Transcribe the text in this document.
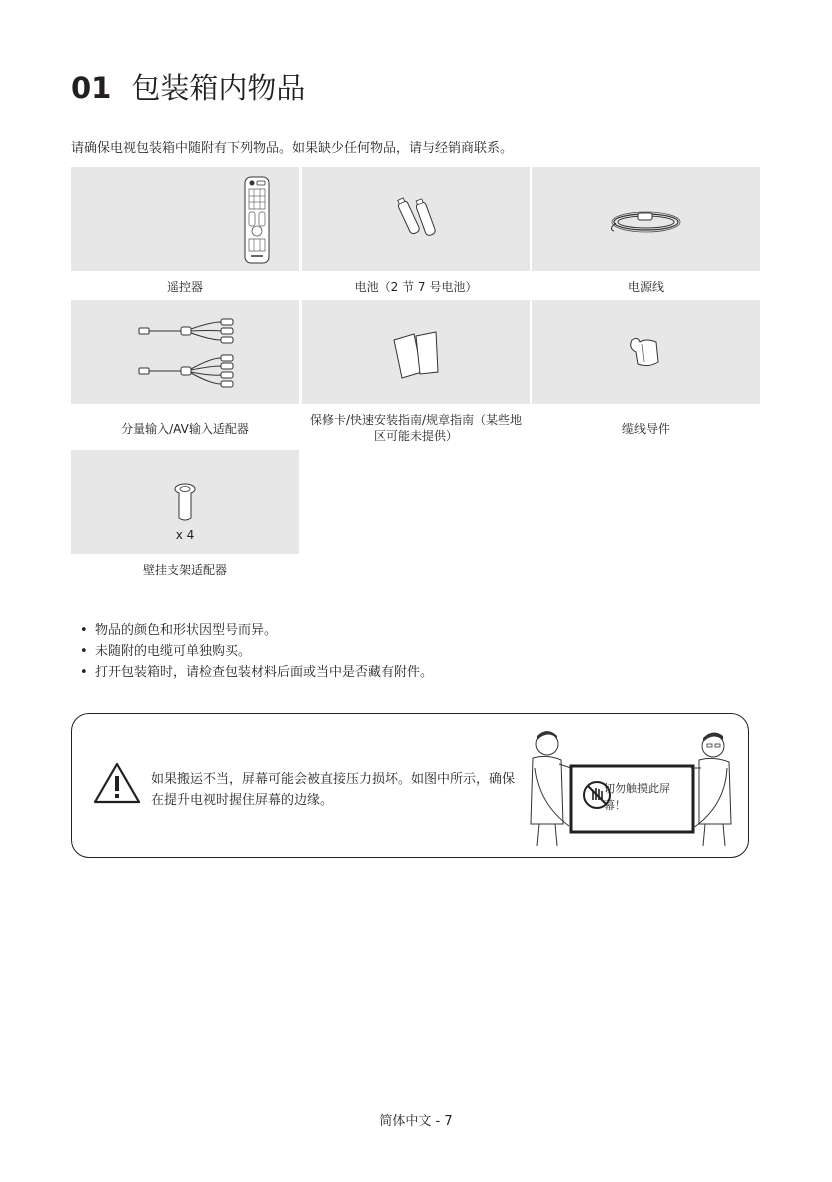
01 包装箱内物品
请确保电视包装箱中随附有下列物品。如果缺少任何物品，请与经销商联系。
遥控器	电池（2 节 7 号电池）	电源线
分量输入/AV输入适配器
保修卡/快速安装指南/规章指南（某些地区可能未提供）	缆线导件
x 4
壁挂支架适配器
• 物品的颜色和形状因型号而异。
• 未随附的电缆可单独购买。
• 打开包装箱时，请检查包装材料后面或当中是否藏有附件。
如果搬运不当，屏幕可能会被直接压力损坏。如图中所示，确保在提升电视时握住屏幕的边缘。
切勿触摸此屏幕！
简体中文 - 7
